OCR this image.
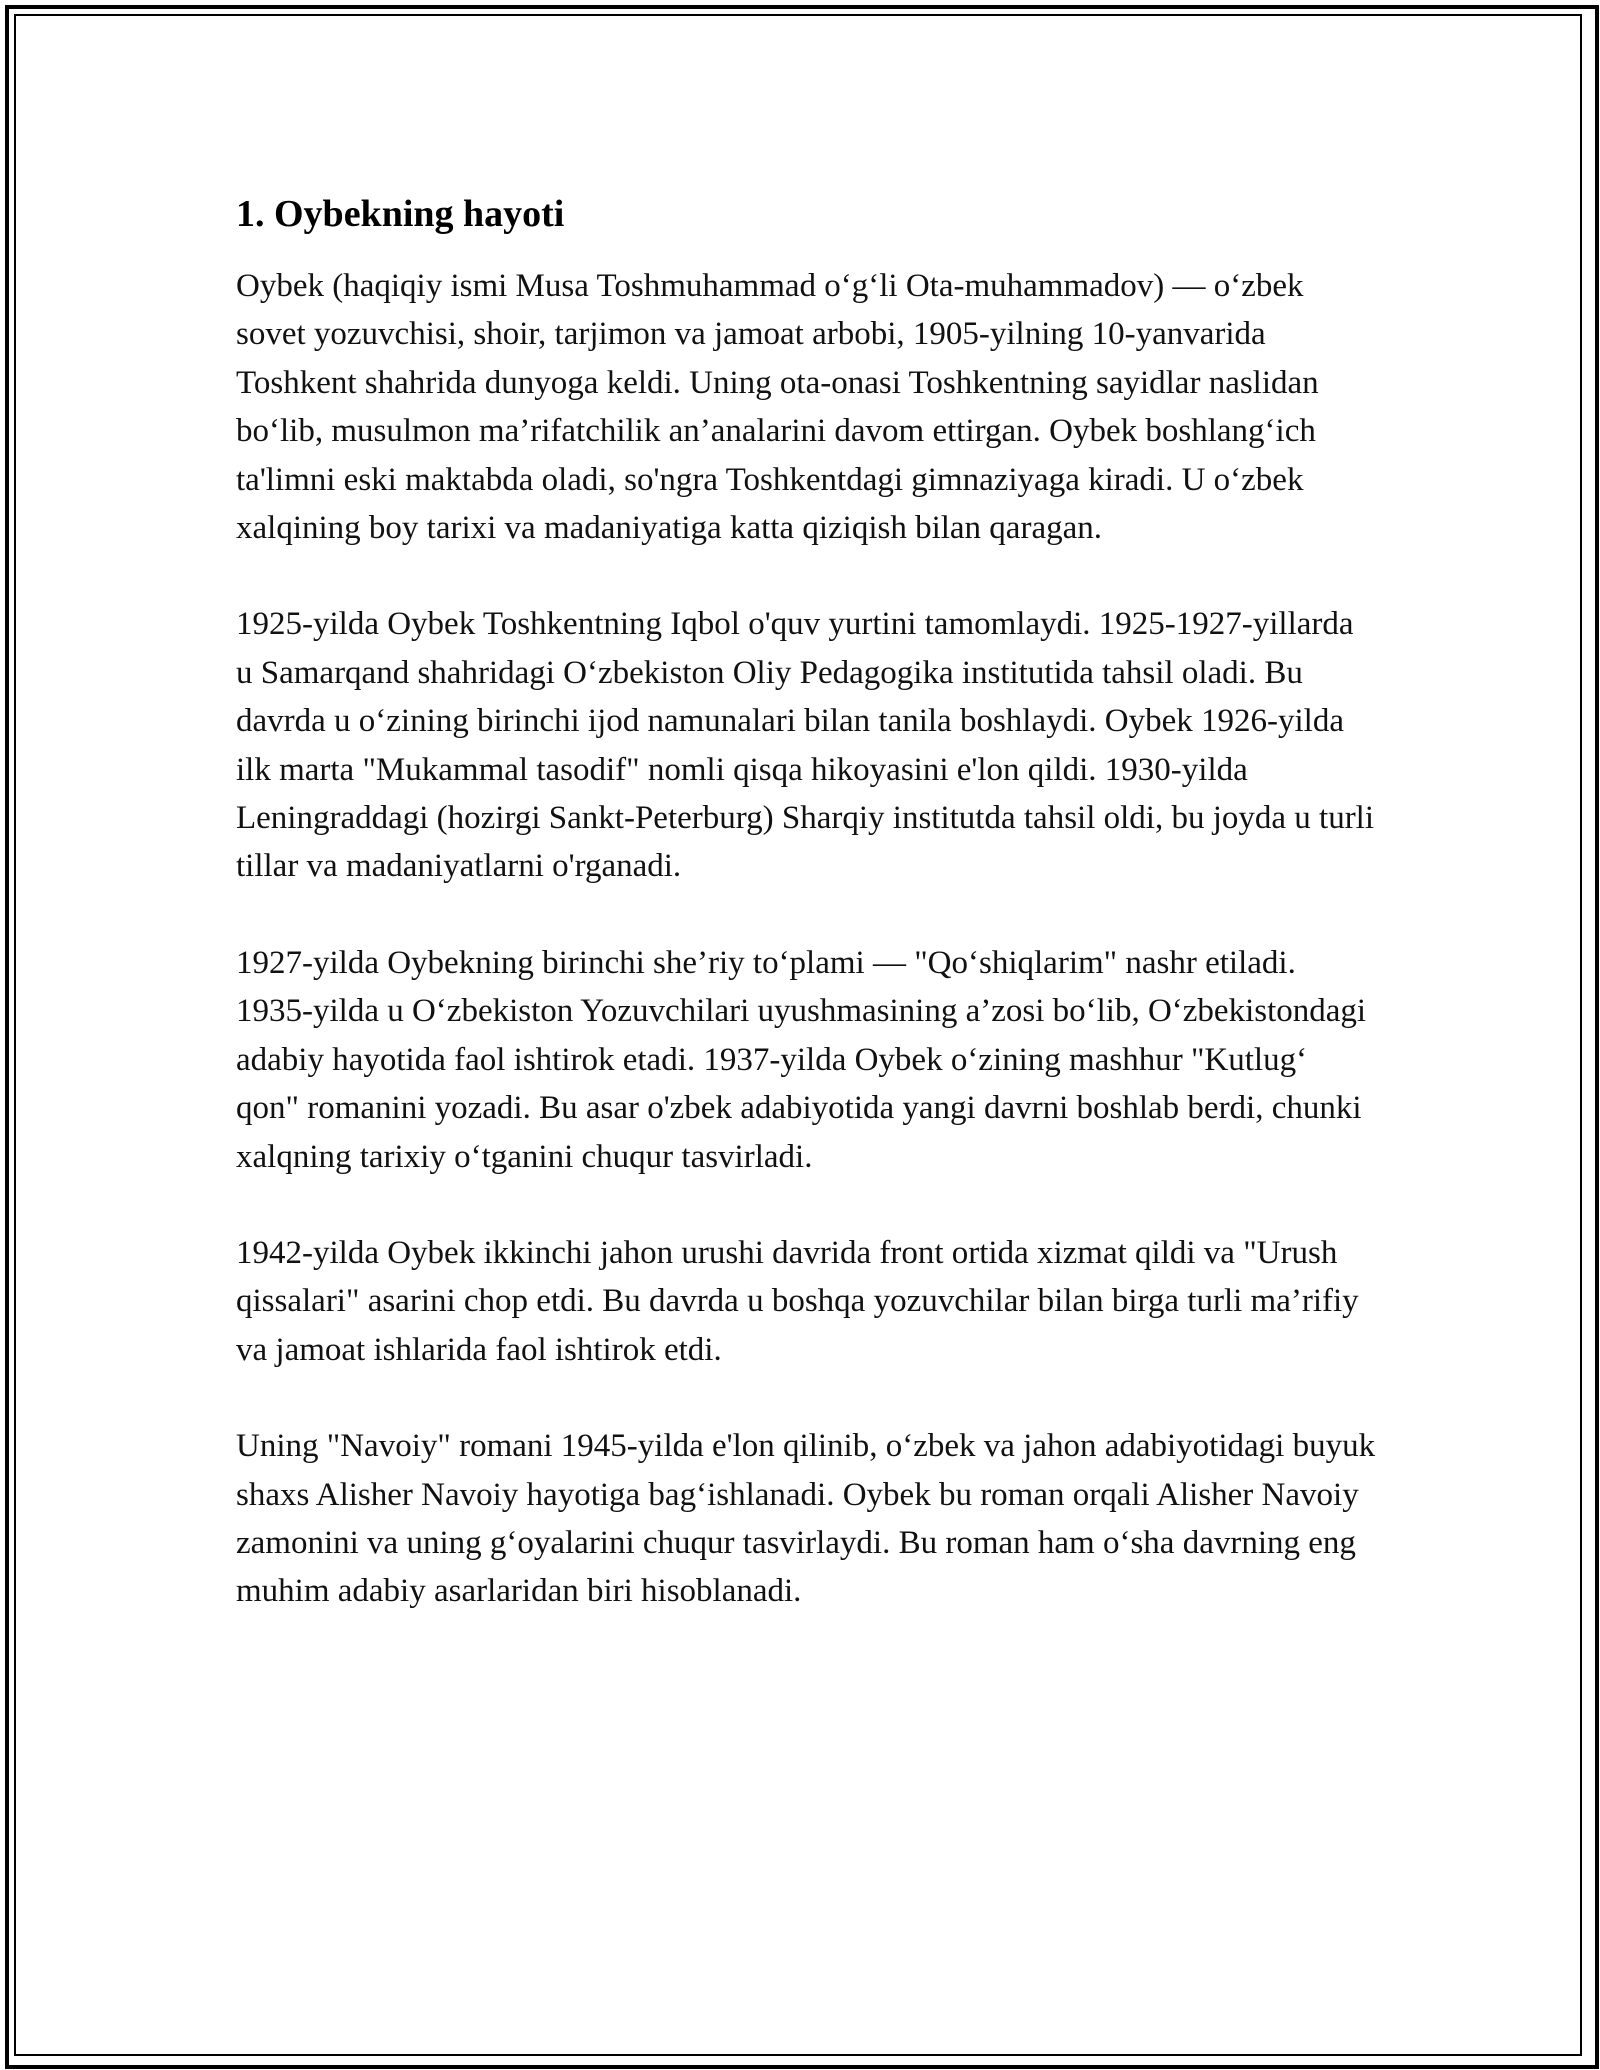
1. Oybekning hayoti

Oybek (haqiqiy ismi Musa Toshmuhammad o‘g‘li Ota-muhammadov) — o‘zbek sovet yozuvchisi, shoir, tarjimon va jamoat arbobi, 1905-yilning 10-yanvarida Toshkent shahrida dunyoga keldi. Uning ota-onasi Toshkentning sayidlar naslidan bo‘lib, musulmon ma’rifatchilik an’analarini davom ettirgan. Oybek boshlang‘ich ta'limni eski maktabda oladi, so'ngra Toshkentdagi gimnaziyaga kiradi. U o‘zbek xalqining boy tarixi va madaniyatiga katta qiziqish bilan qaragan.

1925-yilda Oybek Toshkentning Iqbol o'quv yurtini tamomlaydi. 1925-1927-yillarda u Samarqand shahridagi O‘zbekiston Oliy Pedagogika institutida tahsil oladi. Bu davrda u o‘zining birinchi ijod namunalari bilan tanila boshlaydi. Oybek 1926-yilda ilk marta "Mukammal tasodif" nomli qisqa hikoyasini e'lon qildi. 1930-yilda Leningraddagi (hozirgi Sankt-Peterburg) Sharqiy institutda tahsil oldi, bu joyda u turli tillar va madaniyatlarni o'rganadi.

1927-yilda Oybekning birinchi she’riy to‘plami — "Qo‘shiqlarim" nashr etiladi. 1935-yilda u O‘zbekiston Yozuvchilari uyushmasining a’zosi bo‘lib, O‘zbekistondagi adabiy hayotida faol ishtirok etadi. 1937-yilda Oybek o‘zining mashhur "Kutlug‘ qon" romanini yozadi. Bu asar o'zbek adabiyotida yangi davrni boshlab berdi, chunki xalqning tarixiy o‘tganini chuqur tasvirladi.

1942-yilda Oybek ikkinchi jahon urushi davrida front ortida xizmat qildi va "Urush qissalari" asarini chop etdi. Bu davrda u boshqa yozuvchilar bilan birga turli ma’rifiy va jamoat ishlarida faol ishtirok etdi.

Uning "Navoiy" romani 1945-yilda e'lon qilinib, o‘zbek va jahon adabiyotidagi buyuk shaxs Alisher Navoiy hayotiga bag‘ishlanadi. Oybek bu roman orqali Alisher Navoiy zamonini va uning g‘oyalarini chuqur tasvirlaydi. Bu roman ham o‘sha davrning eng muhim adabiy asarlaridan biri hisoblanadi.
